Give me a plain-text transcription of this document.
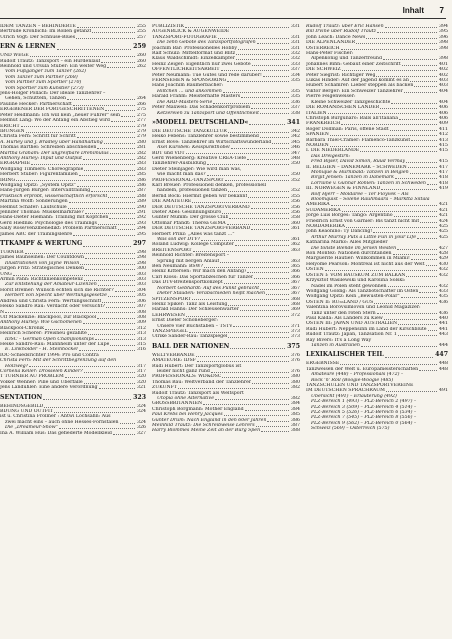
Inhalt 7
IDEM TANZEN – BEHINDERTE	255
Bertrude Kronbichl: Im Rollen getanzt	255
Ulrich Vogt: Der Schnuse-Blues	257
ERN & LERNEN	259
UND WEGE	260
Rudolf Trautz: Tanzsport – ein Hürdenlauf	260
Reinhold und Ursula Stuber: Ein weiter Weg	262
Vom Fußgänger zum Tänzer (262)
Vom Tänzer zum Partner (268)
Vom Partner zum Sportler (270)
Vom Sportler zum Künstler (273)
Jens-Holger Pollach: Der ideale Tanzlehrer –
Gehen, Schütteln, Tanzen	264
Pauline Hecker: Partnerschaft	266
ERGEBENER DER FORTGESCHRITTENEN	275
Peter Heidmann: Ich will kein „neuer Führer" sein	275
Helmut Lang: Wo der Anfang ein Abstieg wird	277
ERICHT	279
IBUNGEN	279
Christa Fern: Schritt für Schritt	279
A. Hürley und J. Bradley über Handhaltung	280
Thomas Barthel: Schreiben abschneiden	281
Martha Graham: Der ungreifbare Drehimulus	282
Anthony Hurley: Input und Output	282
ERGRAPHIE	283
Wolfgang Timmers: Choreographie	283
Herbert Stuber: Figurenfamilien	285
IRING	286
Wolfgang Opitz: „System Opitz"	286
Hans-Jürgen Burger: Intervalltraining	287
Praktisch erprobt, wissenschaftlich erforscht	288
Martina Wolff: Sonderungen	289
Helmut Schäfer: Laufschule	290
Jennifer Thomas: Muskelmarkräle?	291
Hans-Dieter Hiemann: Training mit Köpfchen	292
Gerd Hiednik: Psychologie des Trainings	293
Sally Rose/Venzlbenedikt: Problem Partnerschaft	294
James ABC der Trainingslehre	295
TTKAMPF & WERTUNG	297
TURNIER	298
James Baunseinen: Der Countdown	298
Illustrationen von Jayne Wilson	298
Jürgen Fritz: Strategisches Denken	300
UNG	303
Armin Pahn: Richtlinienkompetenz	303
Zur Entstehung der Amateur-Lizenzen	303
Horst Bremer: Wunsch echten sich die Richter?	304
Herbert von Specht über Wertungsgesetze	305
Andrea und Christa Fern: Wertungsschnitt	306
Heiko Sandro Rau: Verdacht oder versucht?	307
N	308
Ulf Mackenzie: Blackpool, zur Blackpool	308
Anthony Hurley: Wie Gschomenen	309
Blackpool-Chronik	312
Heinrich Scherer: Preisneu gezählte	313
IDSC – German Open Championships	313
Heike Sandro-Rau: Mannheim unter der Lupe	315
E. Linkholder – H. Steinhöcker	316
IOC-Schiedsrichter 1994: Pro und Contra
Christa Fern: Mit der Schrittbegrenzung auf den
Holzweg?	317
Cornelia Keller: Drosselen Kinder?	317
T TURNIER AU PROBLEM	320
Volker Wenner: Pille und Überfälle	320
Jens Landuhler: Eine andere Verordnung	321
SENTATION	323
BEHINDSGEBILD	324
BDUNG UND OUTFIT	324
ist u. Christina Frölmer : Antwi Lochsahn: Aus
zwei macht eins – auch ohne Hesses-Fornstalen	324
Die „Dreameur-Show"	326
Ina A. William Hus: Das gefiederte Modellkleid	327
PUBLIZISTIK	331
AUGENBLICK & AUGENWEIDE
TANZSPORT-FOTOGRAFIE	331
Die zehn Gebote des Tanzsportfotografen	331
Joachim Bär: Professionelles Hobby	331
Ralf Schulz: Mittelformat und Blitz	332
Klaus Waldschmidt: Einzelkämpfer	332
Heinz Zeiger: Eigentlich nur zwei Gebote	333
ÖFFENTLICHKEITSARBEIT	337
Peter Neumann: Tue Gutes und rede darüber!	334
FERNSEHEN & SPONSORING	335
Hans Joachim Baumerbacher:
Hiltchen … und ankommen	335
Harald Frahm: Meisterhafte Masters	335
Die ARD-Masters-Serie	336
Peter Maxwell: Das Schadenkorrprobiem	337
Ketzereien zu Tanzsport und Öffentlichkeit	338
»MODELL DEUTSCHLAND«	341
DIE DEUTSCHE TANZKULTUR	342
Heiko Febens: Tanzlehrer sowie bestimmend	342
Ernst Bove: Tanzlehrer im Wirtschaftswunderland	345
Axel Kurobek: Kesspunkthobel	346
BDT und VDT	347
Gerd Wienenberg: Kreative CREA-Tiefe	348
Tanzlehrer-Ausbildung	350
Dieter Steinjager: Wie wird man was,
wie macht man das?	350
PROFESSIONAL-TANZSPORT	352
Karl Breuer: Professionell denken, professionell
handeln, professionell tanzen	352
Bernd Bock: Hiermit geben wir bekannt	355
DIE AMATEURE	356
DER DEUTSCHE TANZSPORTVERBAND	356
Dieter Abel: Gesinnungsbüro	356
Günter Mumm: Der grosse Club	358
Ottomar Pfandt: Therea GEMA	360
DER DEUTSCHE TANZSPORT-VERBAND	361
Herbert Prinz: „Alles was tanzt …"
Was soll der DTV?	361
Roland Ludwig: Kollege Computer	362
BREITENSPORT	363
Reinhold Richter: Breitensport –
Sprung mit bergen Anlauf	363
Ben Neumann: BSW?	365
Heinz Kittersen: Wir mach den Anfang?	366
Carl Kloss: Das Sportabzeichen für Tänzer	366
Das DTV-Breitensportkonzept	367
Norbert Gebhardt: Auf des Punkt gebracht	367
Dieter Stauden: Verabschieden heißt machen	367
SPITZENSPORT	368
Heinz Spiker: Tanz als Leistung	368
Harald Hanns: Der Schleusenwärter	369
LEHRWESEN	372
Ernst Dieter Schöneberger:
Unsere vier Buchstaben – TSTV	371
TANZSPIEGEL	373
Ulrike Sander-Rau: Tanzspiegel	373
BALL DER NATIONEN	375
WELTVERBÄNDE	376
AMATEURE: IDSF	376
Rudi Hubert: Der Tanzsportglobus ist
leider nicht ganz rund	376
PROFESSIONALS: WD&DSC	380
Thomas Bäu: Weltverband der Tanzlehrer	380
ZUKUNFT	382
Rudolf Trautz: Tanzsport als Weltsport
Utopia ohne Alternative	382
GROSSBRITANNIEN	384
Christoph Borgmann: Mother England	384
Paul Krebs bei Henry Jacques	385
Günter Drum: Nach England in den 60er Jahren	386
Meinhild Trautz: Die Schreibweise Lehrers	387
Harry Blommes Meine Zeit an der Burg Spen	388
Rudolf Trautz: über Eric Hansen	394
Bill Irvine über Rudolf Trautz	395
John Leach: Dance News	396
DIE ALPENLÄNDER	398
ÖSTERREICH	398
Hans-Peter Fischer:
Alpenkönig und Tänzerfreund	398
Johannes Bihn: Gebaut einer Zeitschrift	401
DIE SCHWEIZ	402
Peter Siegrist: Richtiger Weg	402
Lukas Hinder: Auf der Jagend kommt es an	403
Hubert Schamrer: Lieber steppen als backen	403
Viktor Berger: Ein Schweizer Tanzlehrer	404
Pierre Feigenweiser:
Kleine Schweizer Tanzgeschichte	404
DIE ROMANISCHEN LÄNDER	406
ITALIEN	406
Christoph Burgunaro: Balls all'Italiana	406
FRANKREICH	409
Roger Dollman: Paris, offene Stadt	411
SPANIEN	412
Barbara Thiel-Cramér: Flamenco-Tanzkunst	413
NORDEN	415
I. DIE NIEDERLANDE	415
Das Dreigestirn:
Fred Bijser, David Simon, Ruud Vermay	415
II. BELGIEN – DÄNEMARK – SCHWEDEN	417
Monique & Hurnibald: Tanzen in Belgien	417
Birgit Jensen: Tanzen in Dänemark	418
Lorraine v. Gunnar Rohlén: Tanzen in Schweden	418
III. NORWEGEN & FINNLAND	419
Rolf Hjerr – Moldaree – Ter Floyvek – Als
Bloomquist – Solene Rauhmaara – Marktta Siltala
AMERIKA	421
SÜDAMERIKA	421
Jorge Luis Borges: Tango: Argentino	421
Friedrich Ernst von Garnier: Bis tanzt nicht mit	424
NORDAMERIKA	425
John Keaonino: Ty Dancing!	425
Arthur Murray Puts a Little Fun in your Life	425
Katharina Marko: Alles Mitglieder
Die tollste Blende im Jersen Westen	427
Ron Montez: Nationen durchtanden	428
Marguerite Hautier: Willkommen in Miami!	429
Hélyome Pearson: Montreal ist nicht aus der Welt	430
OSTEN	432
OSTEN I: VOM BAUSKUM ZUM BALKAN	432
Krzysztof Wasilewski und Karolina Solski:
Nadel im Polen steht gewonnen	432
Wolfgang Goldig: Als Tanzbotschafter im Osten	433
Wolfgang Opitz: Kein „Bewusten-Polar"	435
OSTEN II: RUßLAND / GUS	436
Valentina Borovsimlovsn und Leonid Magazizer:
Tanz unter den roten Stern	436
Paul Kalda: Als Landers zu Kiew	440
OSTEN III: JAPAN UND AUSTRALIEN	441
Rudi Hubert: Neppensinn im Land der Kirschblüte	441
Rudolf Trautz: Japan, Tanzsation Nr. 1	443
Ray Bivers: It's a Long Way
Tanzen in Australien	444
LEXIKALISCHER TEIL	447
ERGEBNISSE	448
Tanzweisen der Welt u. Europameisterschaften	448
Amateure (448) – Professionals (472) –
Rock 'n' Roll (Boogie-Woogie (485)
TANZSCHULEN UND TANZSPORTVEREINE
IM DEUTSCHEN SPRACHRAUM	491
Übersicht (491) – Erläuterung (492)
PLZ-Bereich 1 (493) – PLZ-Bereich 2 (497) –
PLZ-Bereich 3 (509) – PLZ-Bereich 4 (514) –
PLZ-Bereich 5 (526) – PLZ-Bereich 6 (534) –
PLZ-Bereich 7 (545) – PLZ-Bereich 8 (556) –
PLZ-Bereich 9 (562) – PLZ-Bereich 0 (564) –
Schweiz (569) – Österreich (575)
